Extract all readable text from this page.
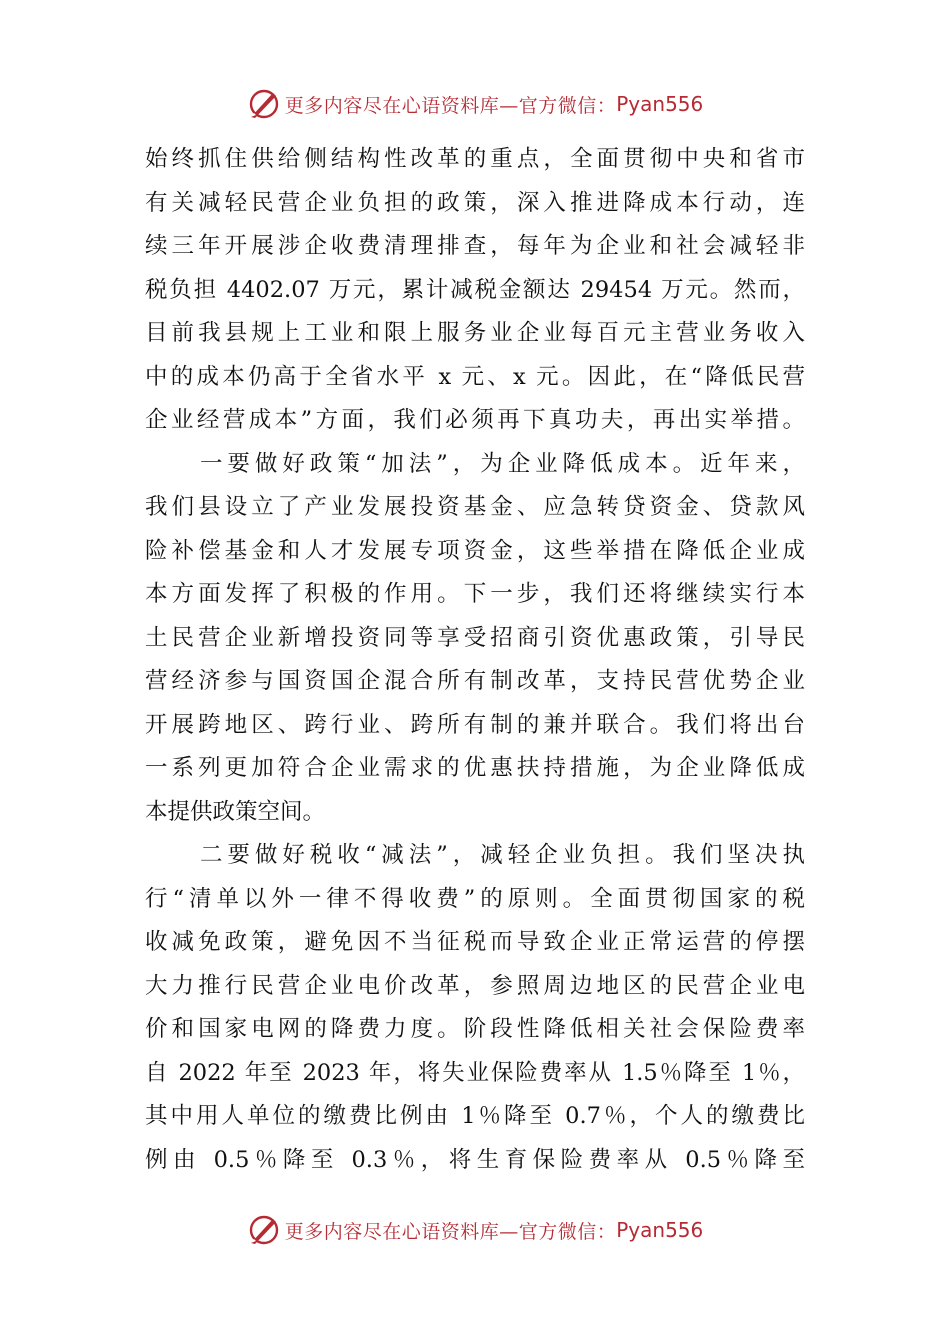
更多内容尽在心语资料库—官方微信： Pyan556
始终抓住供给侧结构性改革的重点，全面贯彻中央和省市
有关减轻民营企业负担的政策，深入推进降成本行动，连
续三年开展涉企收费清理排查，每年为企业和社会减轻非
税负担 4402.07 万元，累计减税金额达 29454 万元。然而，
目前我县规上工业和限上服务业企业每百元主营业务收入
中的成本仍高于全省水平 x 元、x 元。因此，在“降低民营
企业经营成本”方面，我们必须再下真功夫，再出实举措。
　　一要做好政策“加法”，为企业降低成本。近年来，
我们县设立了产业发展投资基金、应急转贷资金、贷款风
险补偿基金和人才发展专项资金，这些举措在降低企业成
本方面发挥了积极的作用。下一步，我们还将继续实行本
土民营企业新增投资同等享受招商引资优惠政策，引导民
营经济参与国资国企混合所有制改革，支持民营优势企业
开展跨地区、跨行业、跨所有制的兼并联合。我们将出台
一系列更加符合企业需求的优惠扶持措施，为企业降低成
本提供政策空间。
　　二要做好税收“减法”，减轻企业负担。我们坚决执
行“清单以外一律不得收费”的原则。全面贯彻国家的税
收减免政策，避免因不当征税而导致企业正常运营的停摆
大力推行民营企业电价改革，参照周边地区的民营企业电
价和国家电网的降费力度。阶段性降低相关社会保险费率
自 2022 年至 2023 年，将失业保险费率从 1.5％降至 1％，
其中用人单位的缴费比例由 1％降至 0.7％，个人的缴费比
例由 0.5％降至 0.3％，将生育保险费率从 0.5％降至
更多内容尽在心语资料库—官方微信： Pyan556
